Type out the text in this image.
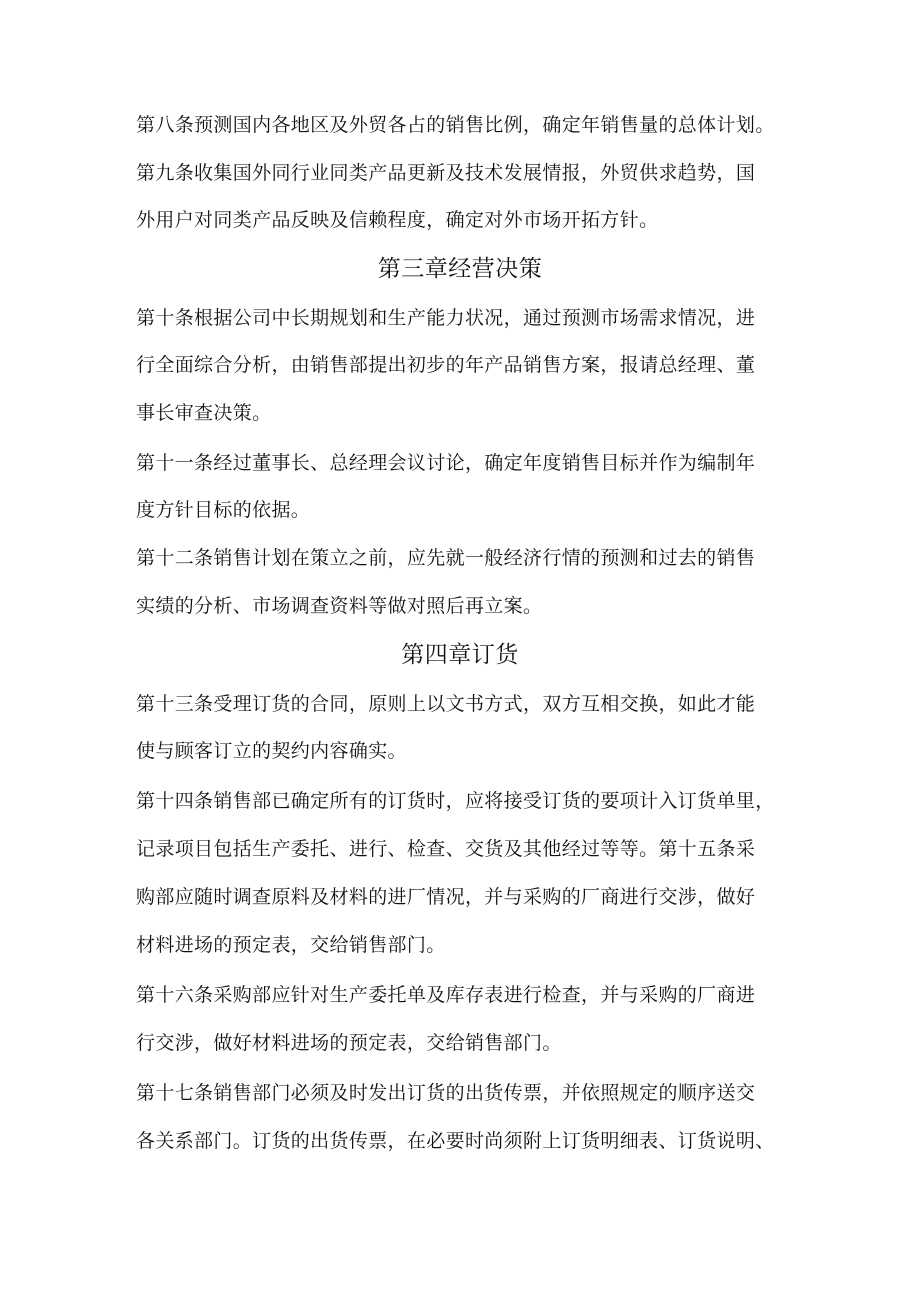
第八条预测国内各地区及外贸各占的销售比例，确定年销售量的总体计划。
第九条收集国外同行业同类产品更新及技术发展情报，外贸供求趋势，国
外用户对同类产品反映及信赖程度，确定对外市场开拓方针。
第三章经营决策
第十条根据公司中长期规划和生产能力状况，通过预测市场需求情况，进
行全面综合分析，由销售部提出初步的年产品销售方案，报请总经理、董
事长审查决策。
第十一条经过董事长、总经理会议讨论，确定年度销售目标并作为编制年
度方针目标的依据。
第十二条销售计划在策立之前，应先就一般经济行情的预测和过去的销售
实绩的分析、市场调查资料等做对照后再立案。
第四章订货
第十三条受理订货的合同，原则上以文书方式，双方互相交换，如此才能
使与顾客订立的契约内容确实。
第十四条销售部已确定所有的订货时，应将接受订货的要项计入订货单里，
记录项目包括生产委托、进行、检查、交货及其他经过等等。第十五条采
购部应随时调查原料及材料的进厂情况，并与采购的厂商进行交涉，做好
材料进场的预定表，交给销售部门。
第十六条采购部应针对生产委托单及库存表进行检查，并与采购的厂商进
行交涉，做好材料进场的预定表，交给销售部门。
第十七条销售部门必须及时发出订货的出货传票，并依照规定的顺序送交
各关系部门。订货的出货传票，在必要时尚须附上订货明细表、订货说明、
